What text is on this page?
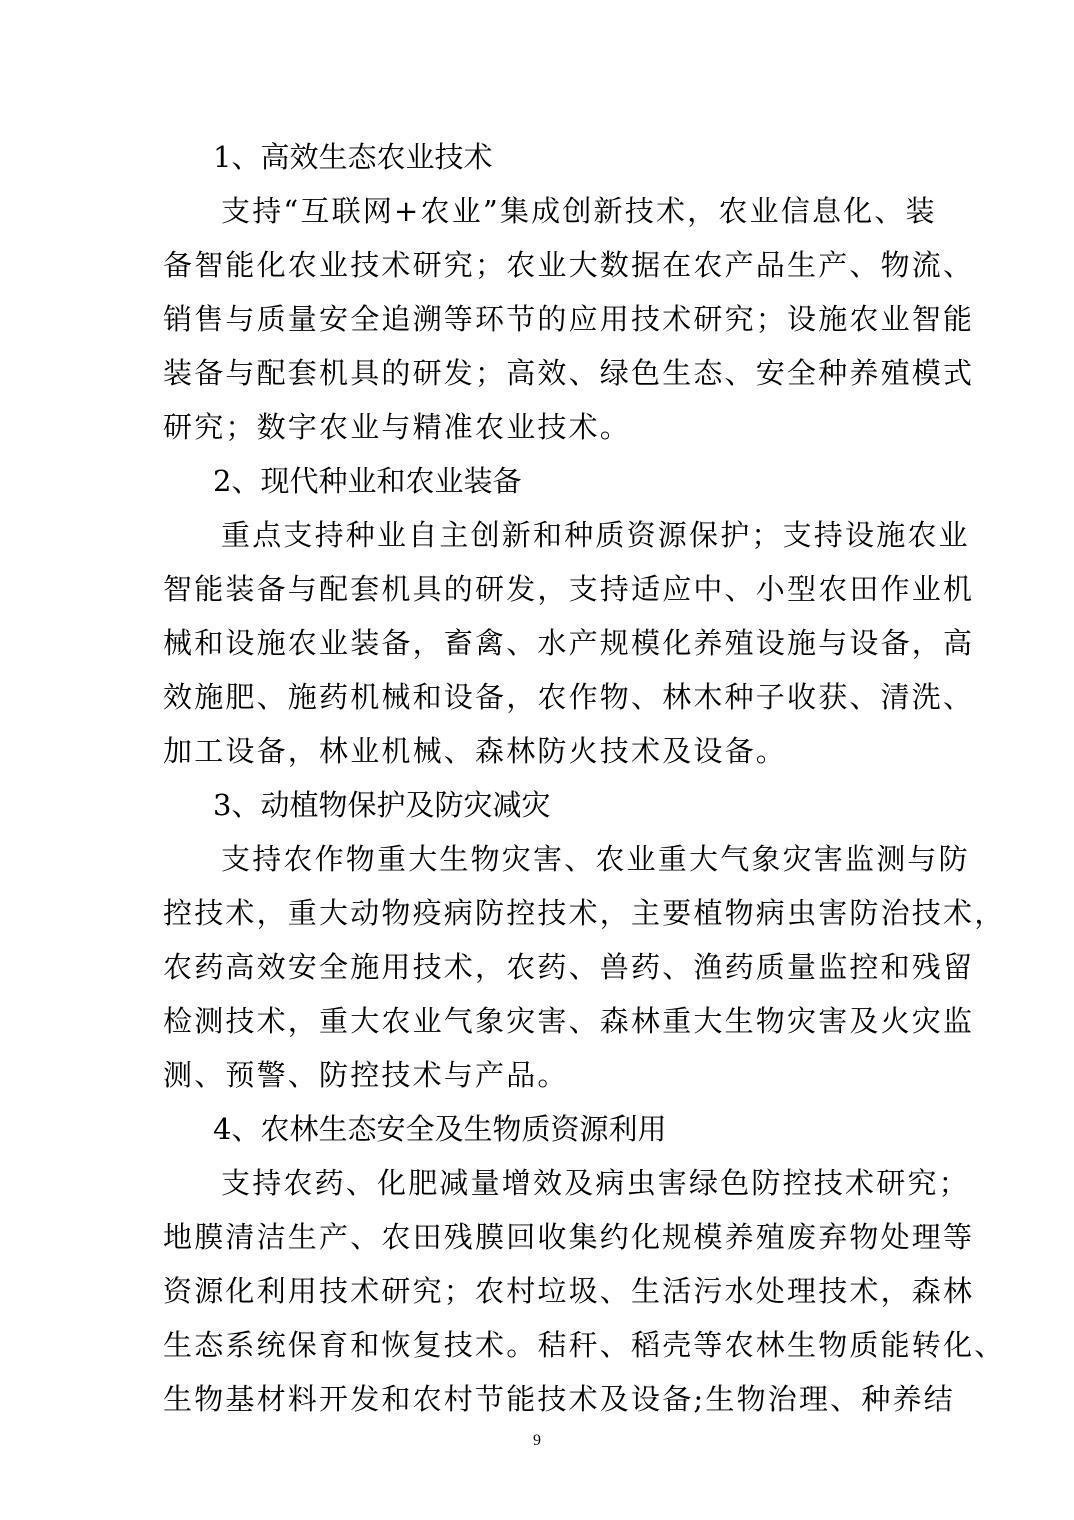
1、高效生态农业技术

支持“互联网+农业”集成创新技术，农业信息化、装

备智能化农业技术研究；农业大数据在农产品生产、物流、

销售与质量安全追溯等环节的应用技术研究；设施农业智能

装备与配套机具的研发；高效、绿色生态、安全种养殖模式

研究；数字农业与精准农业技术。

2、现代种业和农业装备

重点支持种业自主创新和种质资源保护；支持设施农业

智能装备与配套机具的研发，支持适应中、小型农田作业机

械和设施农业装备，畜禽、水产规模化养殖设施与设备，高

效施肥、施药机械和设备，农作物、林木种子收获、清洗、

加工设备，林业机械、森林防火技术及设备。

3、动植物保护及防灾减灾

支持农作物重大生物灾害、农业重大气象灾害监测与防

控技术，重大动物疫病防控技术，主要植物病虫害防治技术，

农药高效安全施用技术，农药、兽药、渔药质量监控和残留

检测技术，重大农业气象灾害、森林重大生物灾害及火灾监

测、预警、防控技术与产品。

4、农林生态安全及生物质资源利用

支持农药、化肥减量增效及病虫害绿色防控技术研究；

地膜清洁生产、农田残膜回收集约化规模养殖废弃物处理等

资源化利用技术研究；农村垃圾、生活污水处理技术，森林

生态系统保育和恢复技术。秸秆、稻壳等农林生物质能转化、

生物基材料开发和农村节能技术及设备;生物治理、种养结

9
